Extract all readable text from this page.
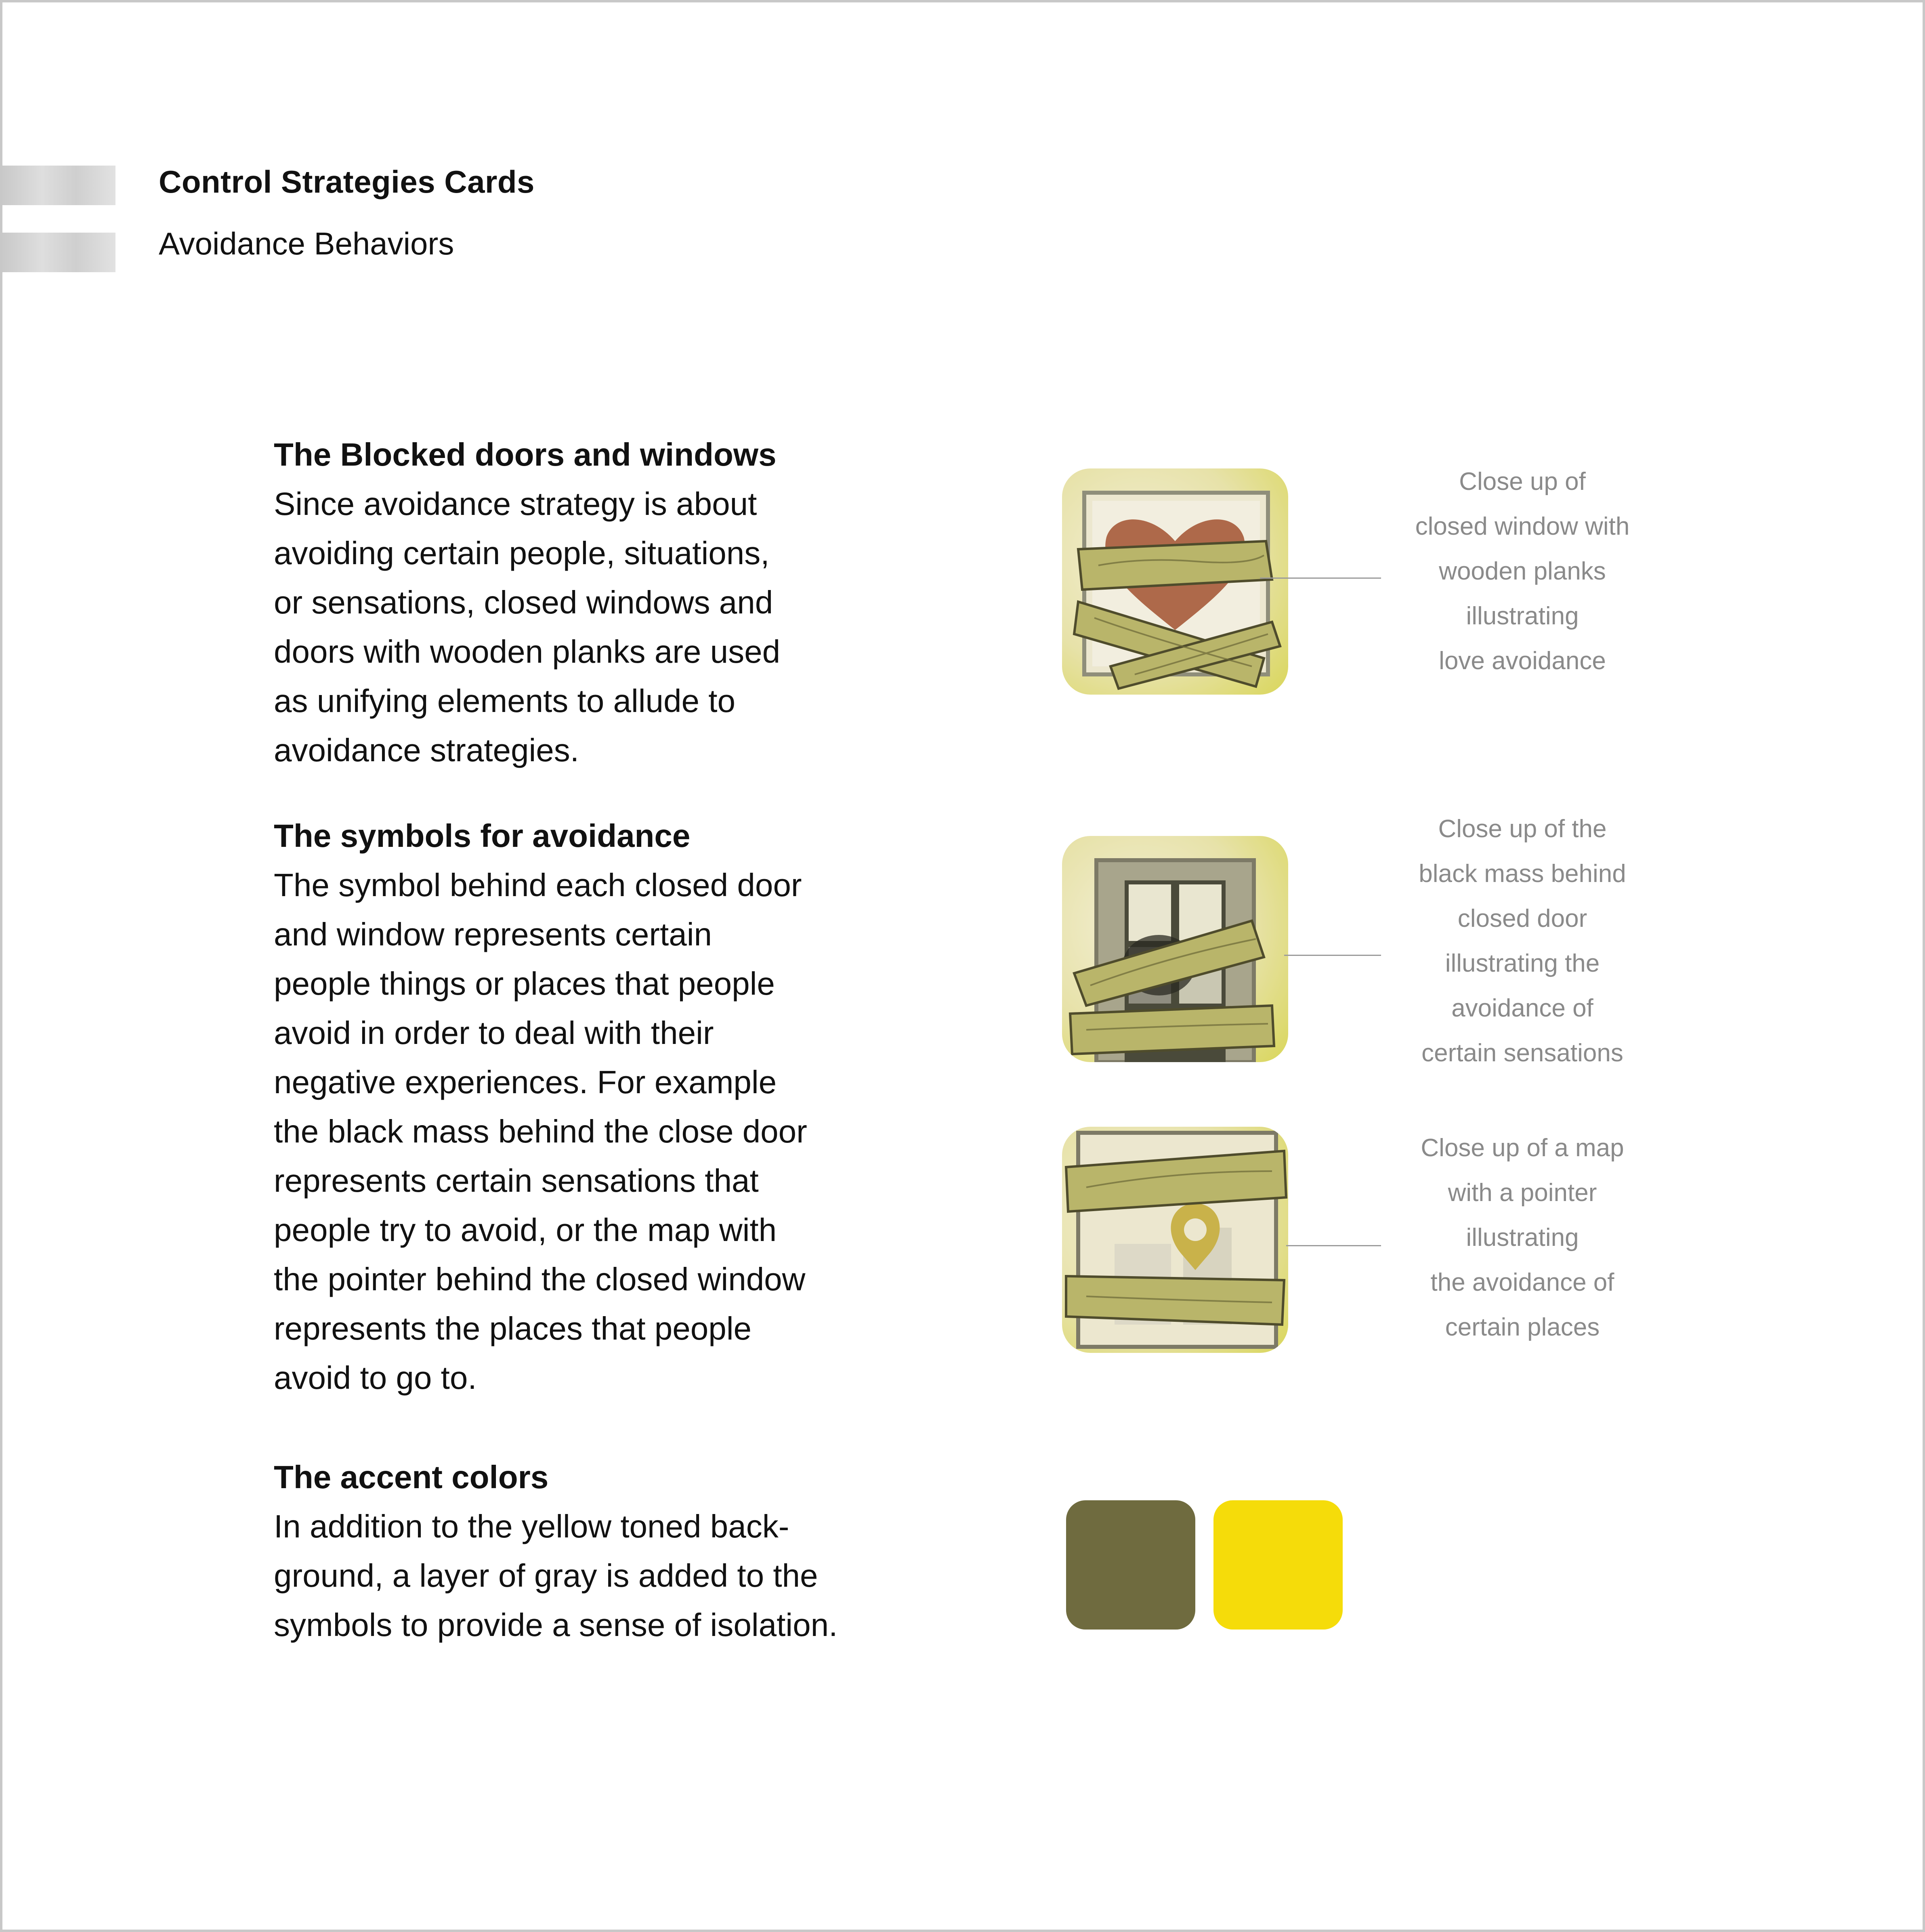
Control Strategies Cards
Avoidance Behaviors
The Blocked doors and windows

Since avoidance strategy is about
avoiding certain people, situations,
or sensations, closed windows and
doors with wooden planks are used
as unifying elements to allude to
avoidance strategies.

The symbols for avoidance

The symbol behind each closed door
and window represents certain
people things or places that people
avoid in order to deal with their
negative experiences. For example
the black mass behind the close door
represents certain sensations that
people try to avoid, or the map with
the pointer behind the closed window
represents the places that people
avoid to go to.

The accent colors

In addition to the yellow toned back-
ground, a layer of gray is added to the
symbols to provide a sense of isolation.

Close up of
closed window with
wooden planks
illustrating
love avoidance
Close up of the
black mass behind
closed door
illustrating the
avoidance of
certain sensations
Close up of a map
with a pointer
illustrating
the avoidance of
certain places
